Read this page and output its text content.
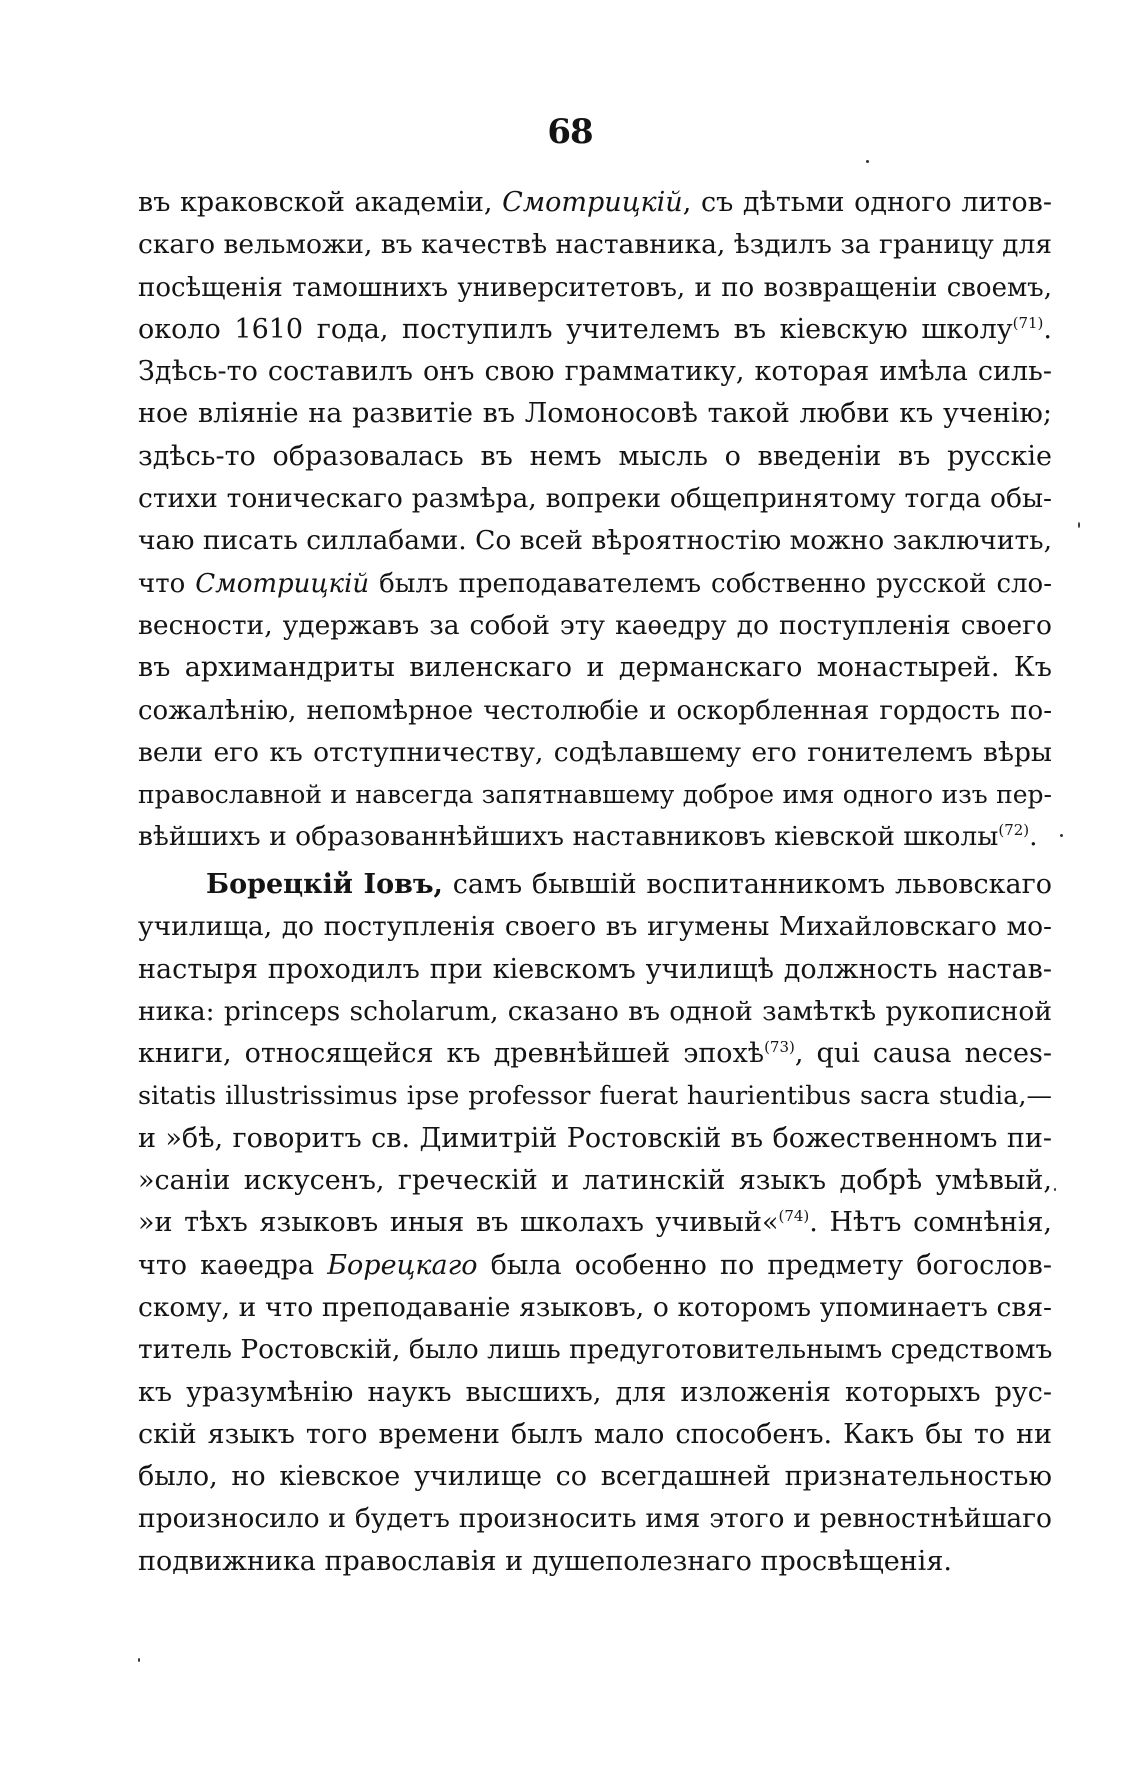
68
въ краковской академіи, Смотрицкій, съ дѣтьми одного литов-
скаго вельможи, въ качествѣ наставника, ѣздилъ за границу для
посѣщенія тамошнихъ университетовъ, и по возвращеніи своемъ,
около 1610 года, поступилъ учителемъ въ кіевскую школу$^{(71)}$.
Здѣсь-то составилъ онъ свою грамматику, которая имѣла силь-
ное вліяніе на развитіе въ Ломоносовѣ такой любви къ ученію;
здѣсь-то образовалась въ немъ мысль о введеніи въ русскіе
стихи тоническаго размѣра, вопреки общепринятому тогда обы-
чаю писать силлабами. Со всей вѣроятностію можно заключить,
что Смотрицкій былъ преподавателемъ собственно русской сло-
весности, удержавъ за собой эту каѳедру до поступленія своего
въ архимандриты виленскаго и дерманскаго монастырей. Къ
сожалѣнію, непомѣрное честолюбіе и оскорбленная гордость по-
вели его къ отступничеству, содѣлавшему его гонителемъ вѣры
православной и навсегда запятнавшему доброе имя одного изъ пер-
вѣйшихъ и образованнѣйшихъ наставниковъ кіевской школы$^{(72)}$.
Борецкій Іовъ, самъ бывшій воспитанникомъ львовскаго
училища, до поступленія своего въ игумены Михайловскаго мо-
настыря проходилъ при кіевскомъ училищѣ должность настав-
ника: princeps scholarum, сказано въ одной замѣткѣ рукописной
книги, относящейся къ древнѣйшей эпохѣ$^{(73)}$, qui causa neces-
sitatis illustrissimus ipse professor fuerat haurientibus sacra studia,—
и »бѣ, говоритъ св. Димитрій Ростовскій въ божественномъ пи-
»саніи искусенъ, греческій и латинскій языкъ добрѣ умѣвый,
»и тѣхъ языковъ иныя въ школахъ учивый«$^{(74)}$. Нѣтъ сомнѣнія,
что каѳедра Борецкаго была особенно по предмету богослов-
скому, и что преподаваніе языковъ, о которомъ упоминаетъ свя-
титель Ростовскій, было лишь предуготовительнымъ средствомъ
къ уразумѣнію наукъ высшихъ, для изложенія которыхъ рус-
скій языкъ того времени былъ мало способенъ. Какъ бы то ни
было, но кіевское училище со всегдашней признательностью
произносило и будетъ произносить имя этого и ревностнѣйшаго
подвижника православія и душеполезнаго просвѣщенія.
